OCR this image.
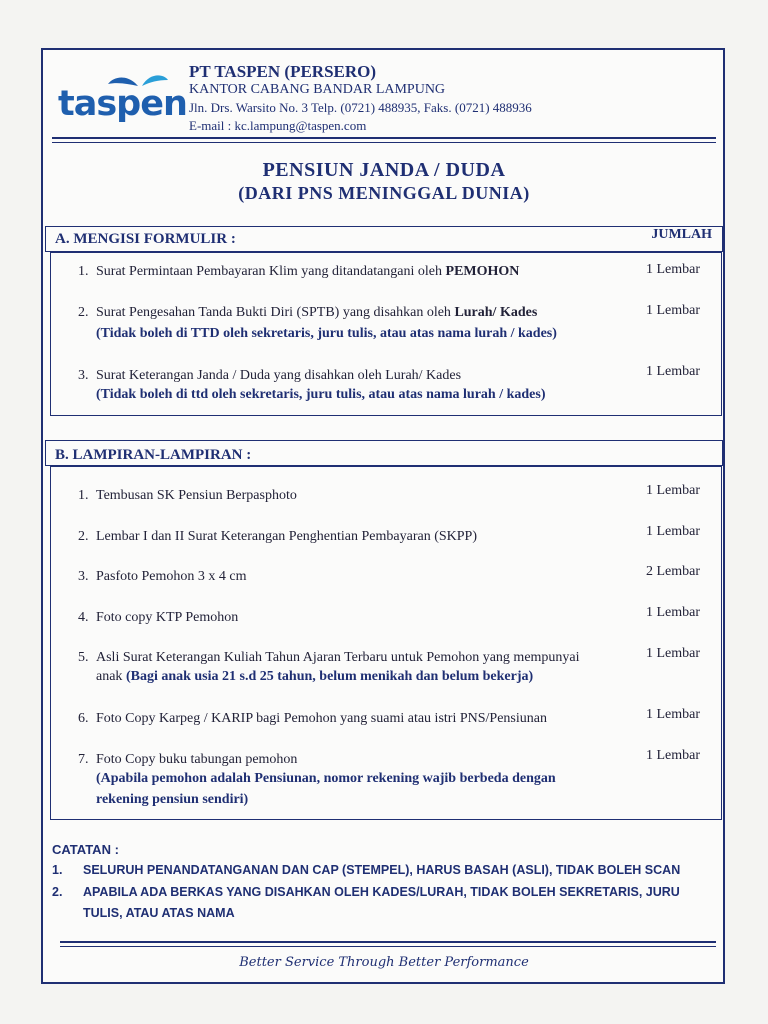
taspen
PT TASPEN (PERSERO)
KANTOR CABANG BANDAR LAMPUNG
Jln. Drs. Warsito No. 3 Telp. (0721) 488935, Faks. (0721) 488936
E-mail : kc.lampung@taspen.com
PENSIUN JANDA / DUDA
(DARI PNS MENINGGAL DUNIA)
A. MENGISI FORMULIR :	JUMLAH
1. Surat Permintaan Pembayaran Klim yang ditandatangani oleh PEMOHON	1 Lembar
2. Surat Pengesahan Tanda Bukti Diri (SPTB) yang disahkan oleh Lurah/ Kades
(Tidak boleh di TTD oleh sekretaris, juru tulis, atau atas nama lurah / kades)
1 Lembar
3. Surat Keterangan Janda / Duda yang disahkan oleh Lurah/ Kades
(Tidak boleh di ttd oleh sekretaris, juru tulis, atau atas nama lurah / kades)
1 Lembar
B. LAMPIRAN-LAMPIRAN :
1. Tembusan SK Pensiun Berpasphoto	1 Lembar
2. Lembar I dan II Surat Keterangan Penghentian Pembayaran (SKPP)	1 Lembar
3. Pasfoto Pemohon 3 x 4 cm	2 Lembar
4. Foto copy KTP Pemohon	1 Lembar
5. Asli Surat Keterangan Kuliah Tahun Ajaran Terbaru untuk Pemohon yang mempunyai
anak (Bagi anak usia 21 s.d 25 tahun, belum menikah dan belum bekerja)
1 Lembar
6. Foto Copy Karpeg / KARIP bagi Pemohon yang suami atau istri PNS/Pensiunan	1 Lembar
7. Foto Copy buku tabungan pemohon
(Apabila pemohon adalah Pensiunan, nomor rekening wajib berbeda dengan
rekening pensiun sendiri)
1 Lembar
CATATAN :
1. SELURUH PENANDATANGANAN DAN CAP (STEMPEL), HARUS BASAH (ASLI), TIDAK BOLEH SCAN
2. APABILA ADA BERKAS YANG DISAHKAN OLEH KADES/LURAH, TIDAK BOLEH SEKRETARIS, JURU TULIS, ATAU ATAS NAMA
Better Service Through Better Performance
